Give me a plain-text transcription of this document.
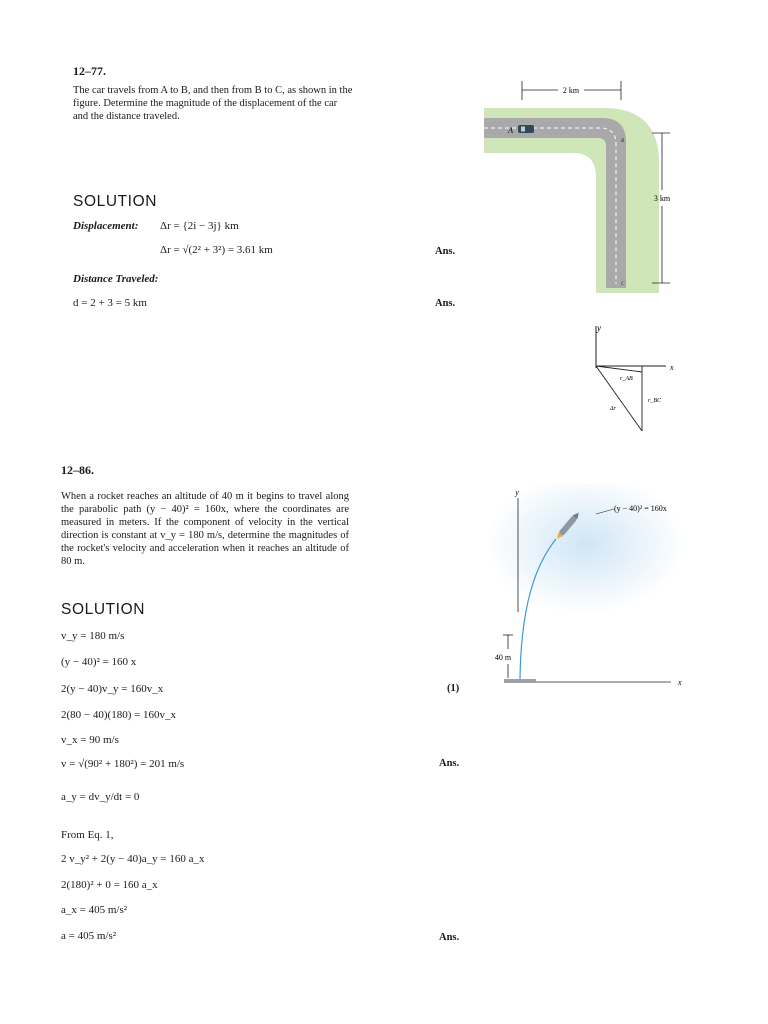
12–77.
The car travels from A to B, and then from B to C, as shown in the figure. Determine the magnitude of the displacement of the car and the distance traveled.
SOLUTION
Displacement: Δr = {2i − 3j} km
Δr = √(2² + 3²) = 3.61 km	Ans.
Distance Traveled:
d = 2 + 3 = 5 km	Ans.
2 km
3 km
A
B
C
y
x
r_AB
r_BC
Δr
12–86.
When a rocket reaches an altitude of 40 m it begins to travel along the parabolic path (y − 40)² = 160x, where the coordinates are measured in meters. If the component of velocity in the vertical direction is constant at v_y = 180 m/s, determine the magnitudes of the rocket's velocity and acceleration when it reaches an altitude of 80 m.
SOLUTION
v_y = 180 m/s
(y − 40)² = 160 x
2(y − 40)v_y = 160v_x	(1)
2(80 − 40)(180) = 160v_x
v_x = 90 m/s
v = √(90² + 180²) = 201 m/s	Ans.
a_y = dv_y/dt = 0
From Eq. 1,
2 v_y² + 2(y − 40)a_y = 160 a_x
2(180)² + 0 = 160 a_x
a_x = 405 m/s²
a = 405 m/s²	Ans.
y
x
40 m
(y − 40)² = 160x
